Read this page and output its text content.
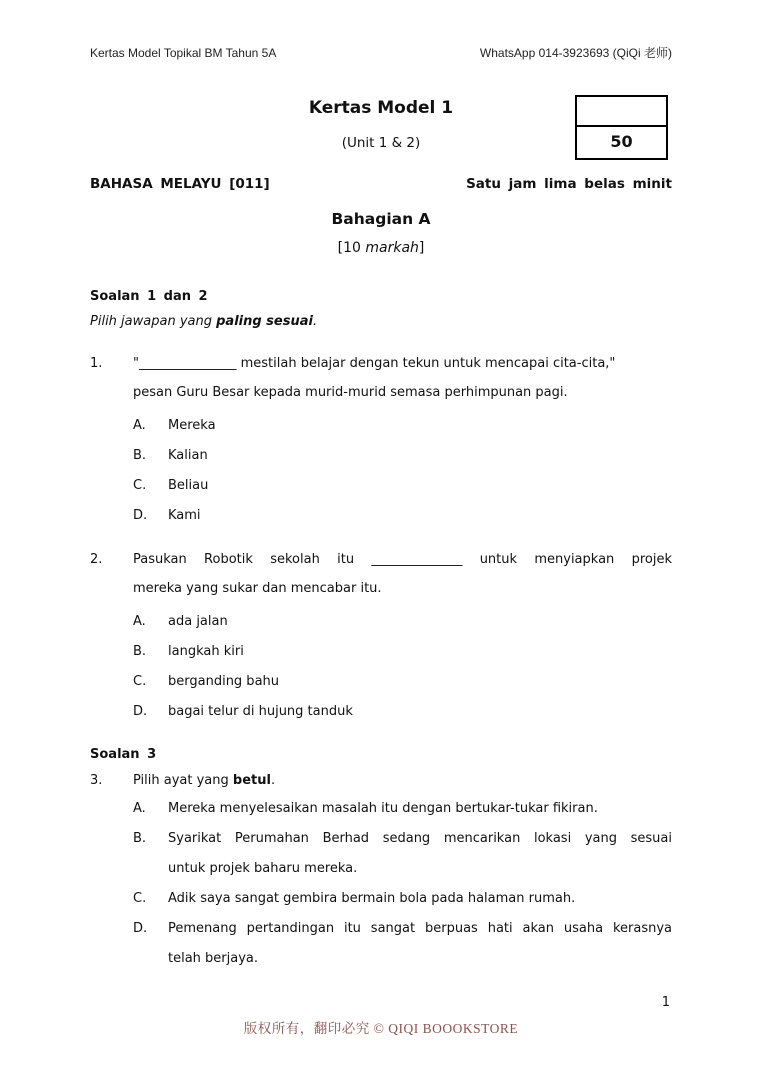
Kertas Model Topikal BM Tahun 5A	WhatsApp 014-3923693 (QiQi 老师)
Kertas Model 1
(Unit 1 & 2)
BAHASA MELAYU [011]	Satu jam lima belas minit
Bahagian A
[10 markah]
Soalan 1 dan 2
Pilih jawapan yang paling sesuai.
1.	"_______________ mestilah belajar dengan tekun untuk mencapai cita-cita,"
pesan Guru Besar kepada murid-murid semasa perhimpunan pagi.
A.	Mereka
B.	Kalian
C.	Beliau
D.	Kami
2.	Pasukan Robotik sekolah itu ______________ untuk menyiapkan projek
mereka yang sukar dan mencabar itu.
A.	ada jalan
B.	langkah kiri
C.	berganding bahu
D.	bagai telur di hujung tanduk
Soalan 3
3.	Pilih ayat yang betul.
A.	Mereka menyelesaikan masalah itu dengan bertukar-tukar fikiran.
B.	Syarikat Perumahan Berhad sedang mencarikan lokasi yang sesuai
untuk projek baharu mereka.
C.	Adik saya sangat gembira bermain bola pada halaman rumah.
D.	Pemenang pertandingan itu sangat berpuas hati akan usaha kerasnya
telah berjaya.
50
1
版权所有，翻印必究 © QIQI BOOOKSTORE
